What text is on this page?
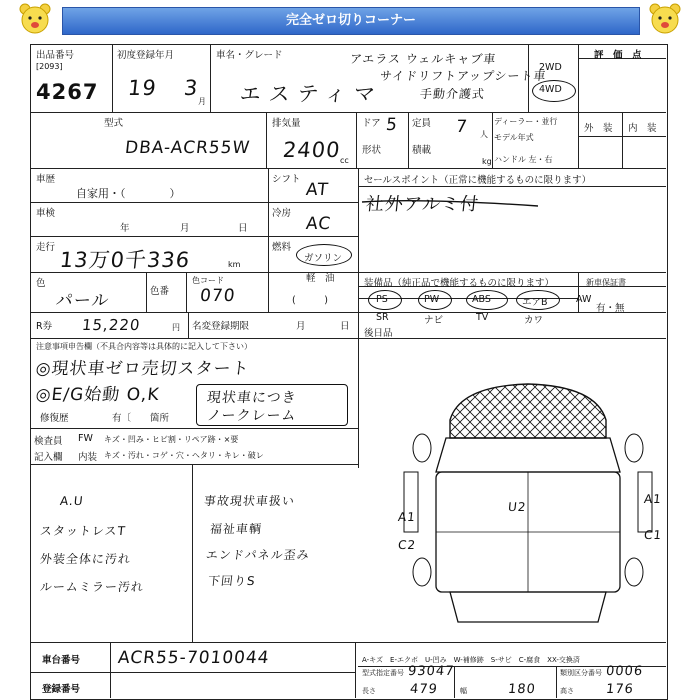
完全ゼロ切りコーナー
出品番号
[2093]
4267
初度登録年月
19 3
月
車名・グレード
エスティマ
アエラス ウェルキャブ車
サイドリフトアップシート車
手動介護式
2WD
4WD
評　価　点
外　装 内　装
型式
DBA-ACR55W
排気量
2400
cc
ドア 5
形状
定員 7 人
積載
kg
ディーラー・並行
モデル年式
ハンドル 左・右
車歴
自家用・（　　　　）
シフト
AT	セールスポイント（正常に機能するものに限ります）
社外アルミ付
車検
年	月	日
冷房
AC
走行
13万0千336	km
燃料
ガソリン
軽　油
(　　　)
色
パール	色番
色コード
070
装備品（純正品で機能するものに限ります）
PS	PW	ABS	エアB	AW
SR	ナビ	TV	カワ
新車保証書
有・無
R券 15,220	円 名変登録期限	月	日
後日品
注意事項申告欄（不具合内容等は具体的に記入して下さい）
◎現状車ゼロ売切スタート
◎E/G始動 O,K	現状車につき
ノークレーム
修復歴	有〔　　箇所
検査員
記入欄
FW キズ・凹み・ヒビ割・リペア跡・×要
内装 キズ・汚れ・コゲ・穴・ヘタリ・キレ・破レ
A.U
スタットレスT
外装全体に汚れ
ルームミラー汚れ
事故現状車扱い
福祉車輌
エンドパネル歪み
下回りS
U2
A1
A1
C2
C1
車台番号 ACR55-7010044
登録番号
A-キズ　E-エクボ　U-凹み　W-補修跡　S-サビ　C-腐食　XX-交換済
型式指定番号 93047	類別区分番号 0006
長さ	479	幅	180	高さ 176
